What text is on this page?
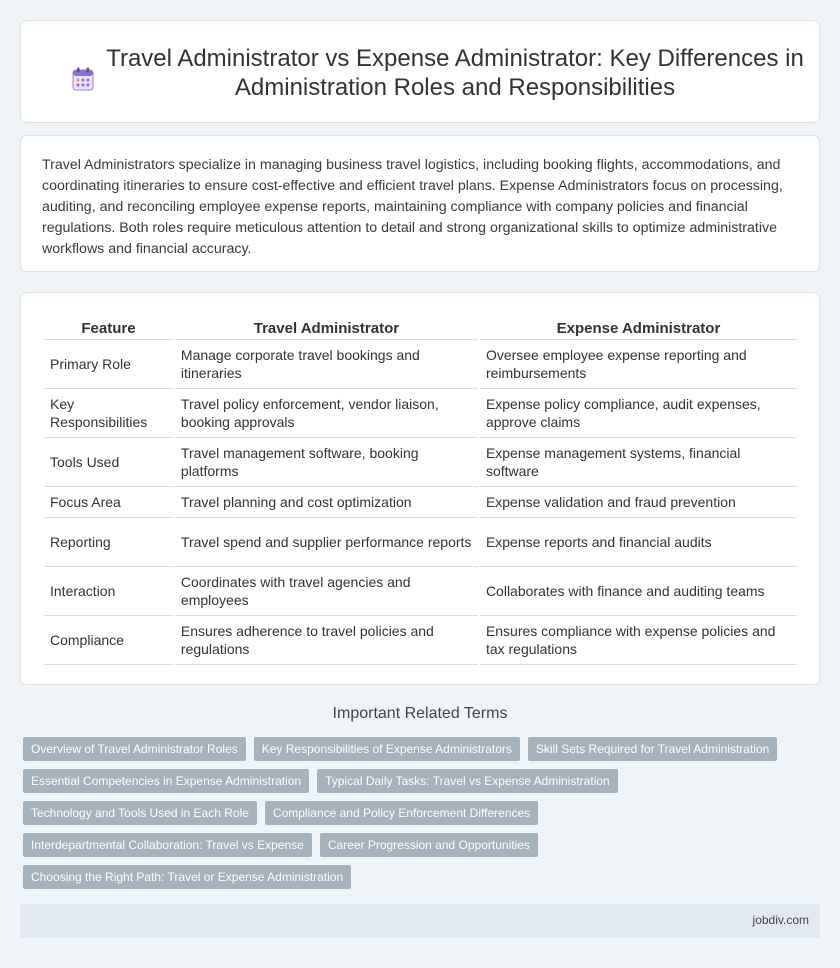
Travel Administrator vs Expense Administrator: Key Differences in Administration Roles and Responsibilities

Travel Administrators specialize in managing business travel logistics, including booking flights, accommodations, and coordinating itineraries to ensure cost-effective and efficient travel plans. Expense Administrators focus on processing, auditing, and reconciling employee expense reports, maintaining compliance with company policies and financial regulations. Both roles require meticulous attention to detail and strong organizational skills to optimize administrative workflows and financial accuracy.

Feature	Travel Administrator	Expense Administrator
Primary Role	Manage corporate travel bookings and itineraries	Oversee employee expense reporting and reimbursements
Key Responsibilities	Travel policy enforcement, vendor liaison, booking approvals	Expense policy compliance, audit expenses, approve claims
Tools Used	Travel management software, booking platforms	Expense management systems, financial software
Focus Area	Travel planning and cost optimization	Expense validation and fraud prevention
Reporting	Travel spend and supplier performance reports	Expense reports and financial audits
Interaction	Coordinates with travel agencies and employees	Collaborates with finance and auditing teams
Compliance	Ensures adherence to travel policies and regulations	Ensures compliance with expense policies and tax regulations
Important Related Terms
Overview of Travel Administrator Roles	Key Responsibilities of Expense Administrators	Skill Sets Required for Travel Administration
Essential Competencies in Expense Administration	Typical Daily Tasks: Travel vs Expense Administration
Technology and Tools Used in Each Role	Compliance and Policy Enforcement Differences
Interdepartmental Collaboration: Travel vs Expense	Career Progression and Opportunities
Choosing the Right Path: Travel or Expense Administration
jobdiv.com
